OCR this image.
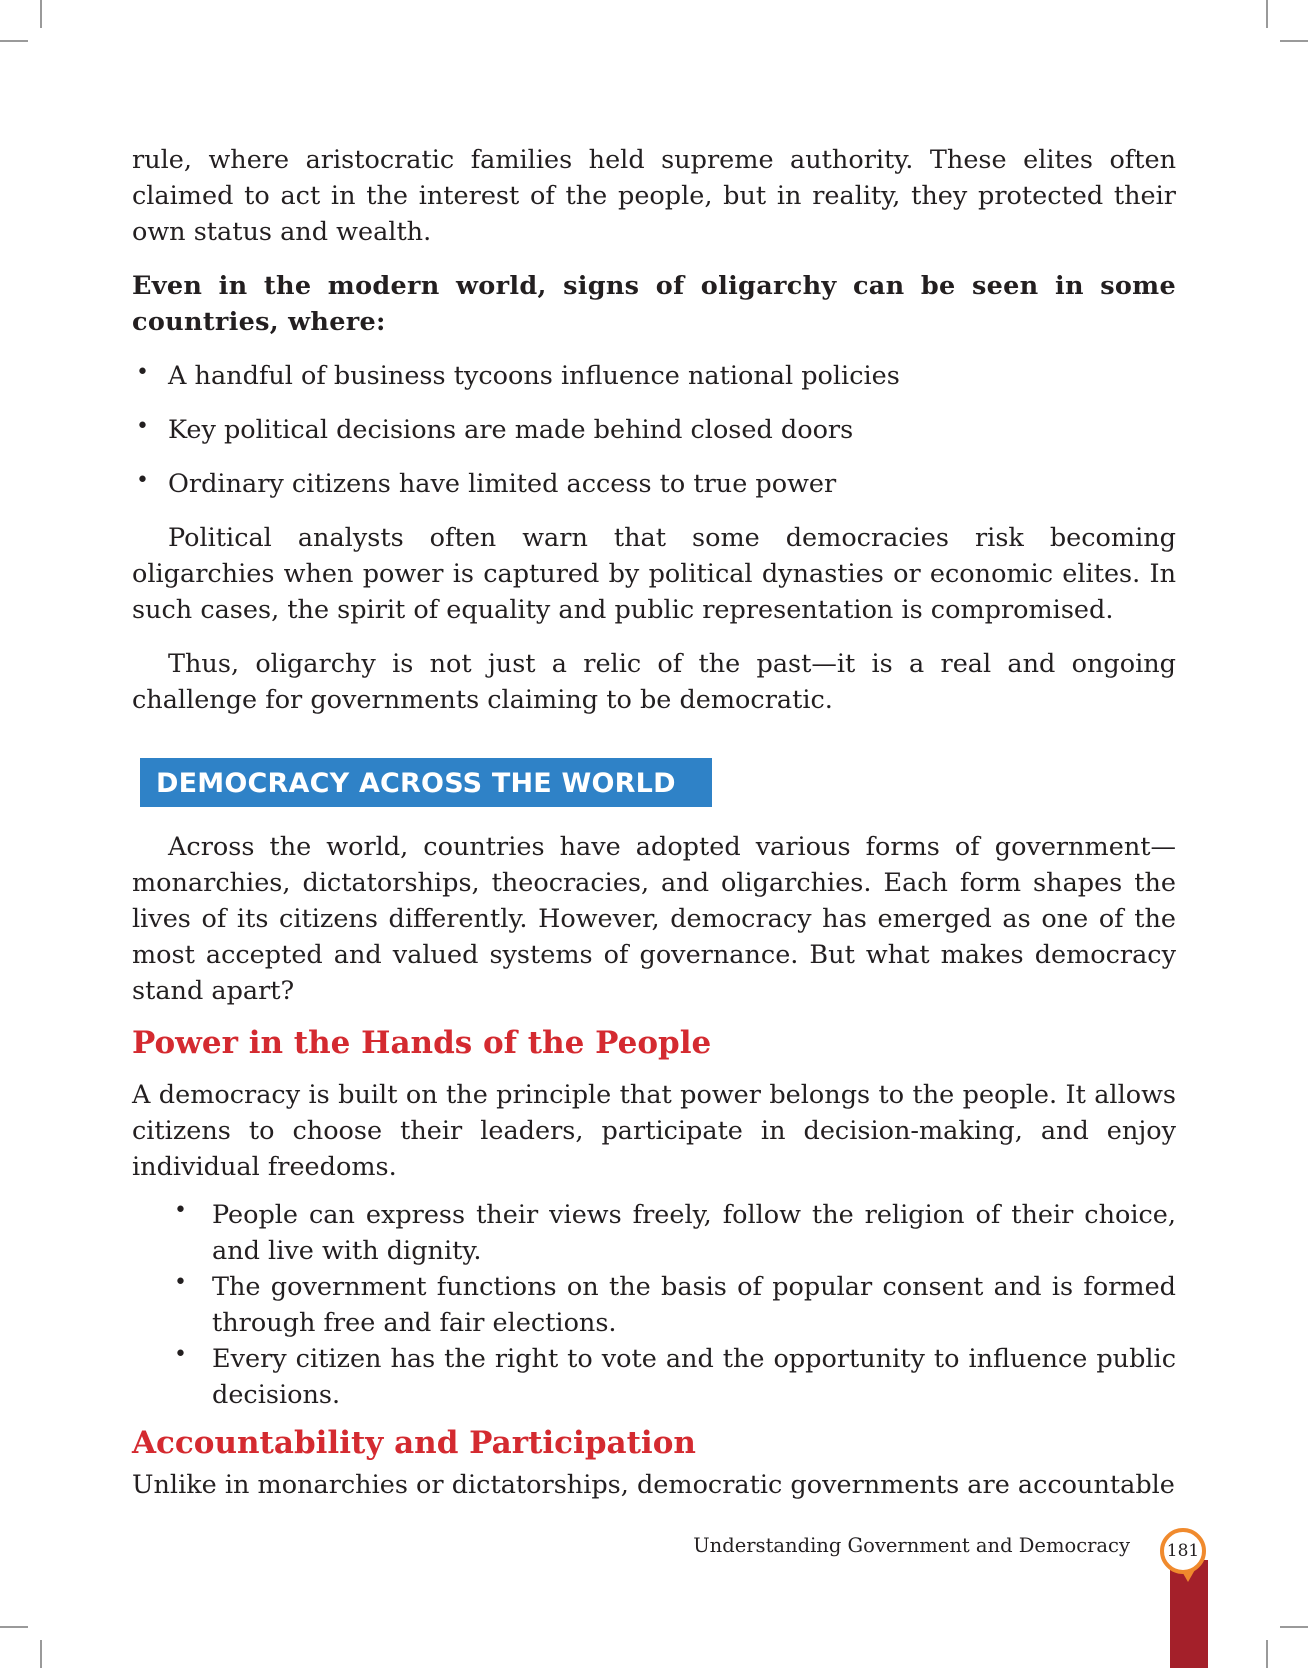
rule, where aristocratic families held supreme authority. These elites often claimed to act in the interest of the people, but in reality, they protected their own status and wealth.

Even in the modern world, signs of oligarchy can be seen in some countries, where:

• A handful of business tycoons influence national policies
• Key political decisions are made behind closed doors
• Ordinary citizens have limited access to true power

Political analysts often warn that some democracies risk becoming oligarchies when power is captured by political dynasties or economic elites. In such cases, the spirit of equality and public representation is compromised.

Thus, oligarchy is not just a relic of the past—it is a real and ongoing challenge for governments claiming to be democratic.

DEMOCRACY ACROSS THE WORLD

Across the world, countries have adopted various forms of government—monarchies, dictatorships, theocracies, and oligarchies. Each form shapes the lives of its citizens differently. However, democracy has emerged as one of the most accepted and valued systems of governance. But what makes democracy stand apart?

Power in the Hands of the People

A democracy is built on the principle that power belongs to the people. It allows citizens to choose their leaders, participate in decision-making, and enjoy individual freedoms.

• People can express their views freely, follow the religion of their choice, and live with dignity.
• The government functions on the basis of popular consent and is formed through free and fair elections.
• Every citizen has the right to vote and the opportunity to influence public decisions.
Accountability and Participation

Unlike in monarchies or dictatorships, democratic governments are accountable

Understanding Government and Democracy	181
